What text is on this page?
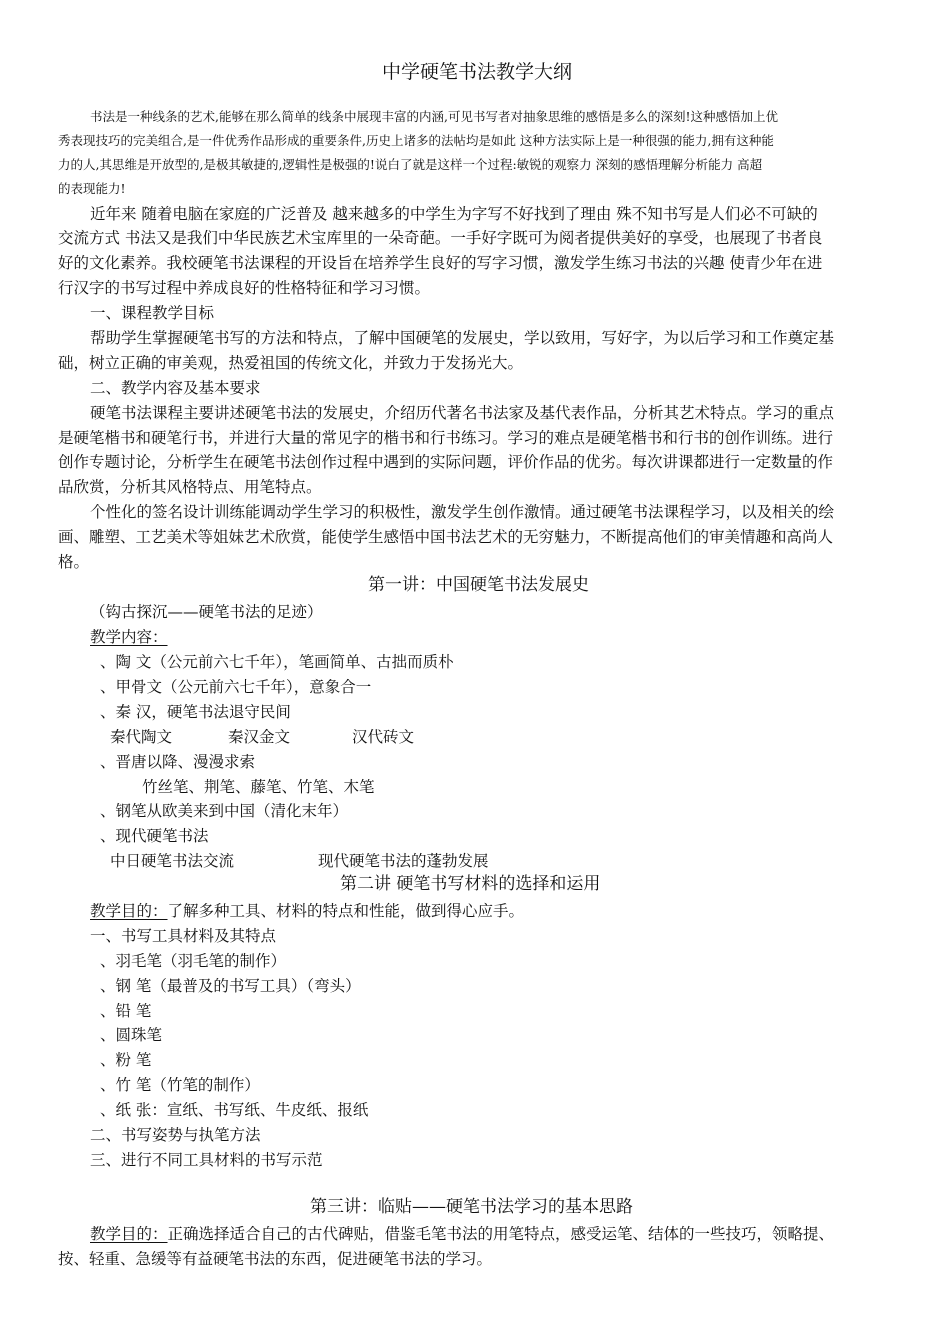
中学硬笔书法教学大纲
书法是一种线条的艺术,能够在那么简单的线条中展现丰富的内涵,可见书写者对抽象思维的感悟是多么的深刻!这种感悟加上优
秀表现技巧的完美组合,是一件优秀作品形成的重要条件,历史上诸多的法帖均是如此 这种方法实际上是一种很强的能力,拥有这种能
力的人,其思维是开放型的,是极其敏捷的,逻辑性是极强的!说白了就是这样一个过程:敏锐的观察力 深刻的感悟理解分析能力 高超
的表现能力!
近年来 随着电脑在家庭的广泛普及 越来越多的中学生为字写不好找到了理由 殊不知书写是人们必不可缺的
交流方式 书法又是我们中华民族艺术宝库里的一朵奇葩。一手好字既可为阅者提供美好的享受，也展现了书者良
好的文化素养。我校硬笔书法课程的开设旨在培养学生良好的写字习惯，激发学生练习书法的兴趣 使青少年在进
行汉字的书写过程中养成良好的性格特征和学习习惯。
一、课程教学目标
帮助学生掌握硬笔书写的方法和特点，了解中国硬笔的发展史，学以致用，写好字，为以后学习和工作奠定基
础，树立正确的审美观，热爱祖国的传统文化，并致力于发扬光大。
二、教学内容及基本要求
硬笔书法课程主要讲述硬笔书法的发展史，介绍历代著名书法家及基代表作品，分析其艺术特点。学习的重点
是硬笔楷书和硬笔行书，并进行大量的常见字的楷书和行书练习。学习的难点是硬笔楷书和行书的创作训练。进行
创作专题讨论，分析学生在硬笔书法创作过程中遇到的实际问题，评价作品的优劣。每次讲课都进行一定数量的作
品欣赏，分析其风格特点、用笔特点。
个性化的签名设计训练能调动学生学习的积极性，激发学生创作激情。通过硬笔书法课程学习，以及相关的绘
画、雕塑、工艺美术等姐妹艺术欣赏，能使学生感悟中国书法艺术的无穷魅力，不断提高他们的审美情趣和高尚人
格。
第一讲：中国硬笔书法发展史
（钩古探沉——硬笔书法的足迹）
教学内容：
、陶 文（公元前六七千年），笔画简单、古拙而质朴
、甲骨文（公元前六七千年），意象合一
、秦 汉，硬笔书法退守民间
秦代陶文	秦汉金文	汉代砖文
、晋唐以降、漫漫求索
竹丝笔、荆笔、藤笔、竹笔、木笔
、钢笔从欧美来到中国（清化末年）
、现代硬笔书法
中日硬笔书法交流	现代硬笔书法的蓬勃发展
第二讲 硬笔书写材料的选择和运用
教学目的：了解多种工具、材料的特点和性能，做到得心应手。
一、书写工具材料及其特点
、羽毛笔（羽毛笔的制作）
、钢 笔（最普及的书写工具）（弯头）
、铅 笔
、圆珠笔
、粉 笔
、竹 笔（竹笔的制作）
、纸 张：宣纸、书写纸、牛皮纸、报纸
二、书写姿势与执笔方法
三、进行不同工具材料的书写示范
第三讲：临贴——硬笔书法学习的基本思路
教学目的：正确选择适合自己的古代碑贴，借鉴毛笔书法的用笔特点，感受运笔、结体的一些技巧，领略提、
按、轻重、急缓等有益硬笔书法的东西，促进硬笔书法的学习。
